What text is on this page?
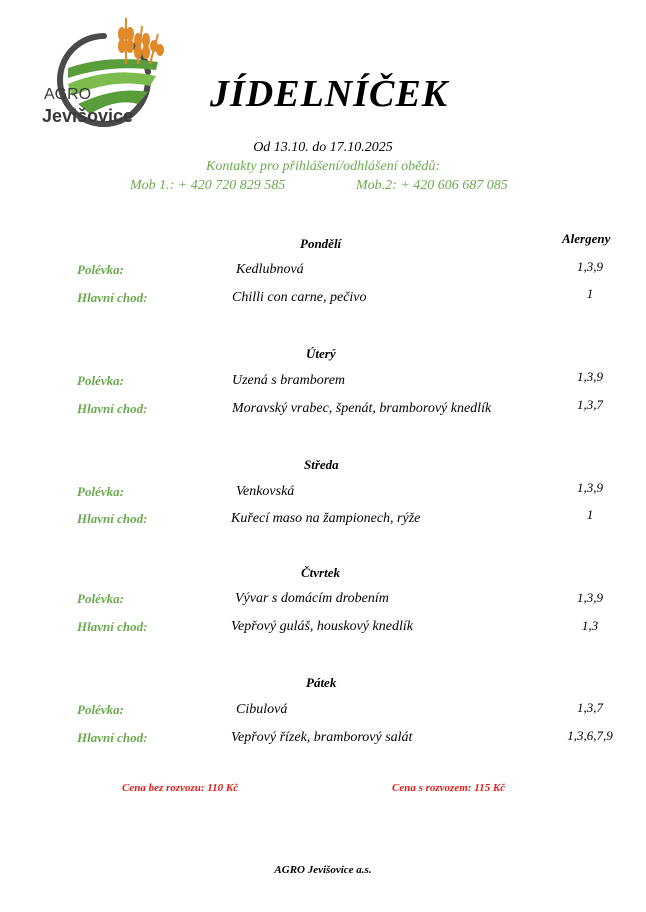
AGRO
Jevišovice
JÍDELNÍČEK
Od 13.10. do 17.10.2025
Kontakty pro přihlášení/odhlášení obědů:
Mob 1.: + 420 720 829 585	Mob.2: + 420 606 687 085
Alergeny
Pondělí
Polévka:	Kedlubnová	1,3,9
Hlavní chod:	Chilli con carne, pečivo	1
Úterý
Polévka:	Uzená s bramborem	1,3,9
Hlavní chod:	Moravský vrabec, špenát, bramborový knedlík	1,3,7
Středa
Polévka:	Venkovská	1,3,9
Hlavní chod:	Kuřecí maso na žampionech, rýže	1
Čtvrtek
Polévka:	Vývar s domácím drobením	1,3,9
Hlavní chod:	Vepřový guláš, houskový knedlík	1,3
Pátek
Polévka:	Cibulová	1,3,7
Hlavní chod:	Vepřový řízek, bramborový salát	1,3,6,7,9
Cena bez rozvozu: 110 Kč	Cena s rozvozem: 115 Kč
AGRO Jevišovice a.s.
